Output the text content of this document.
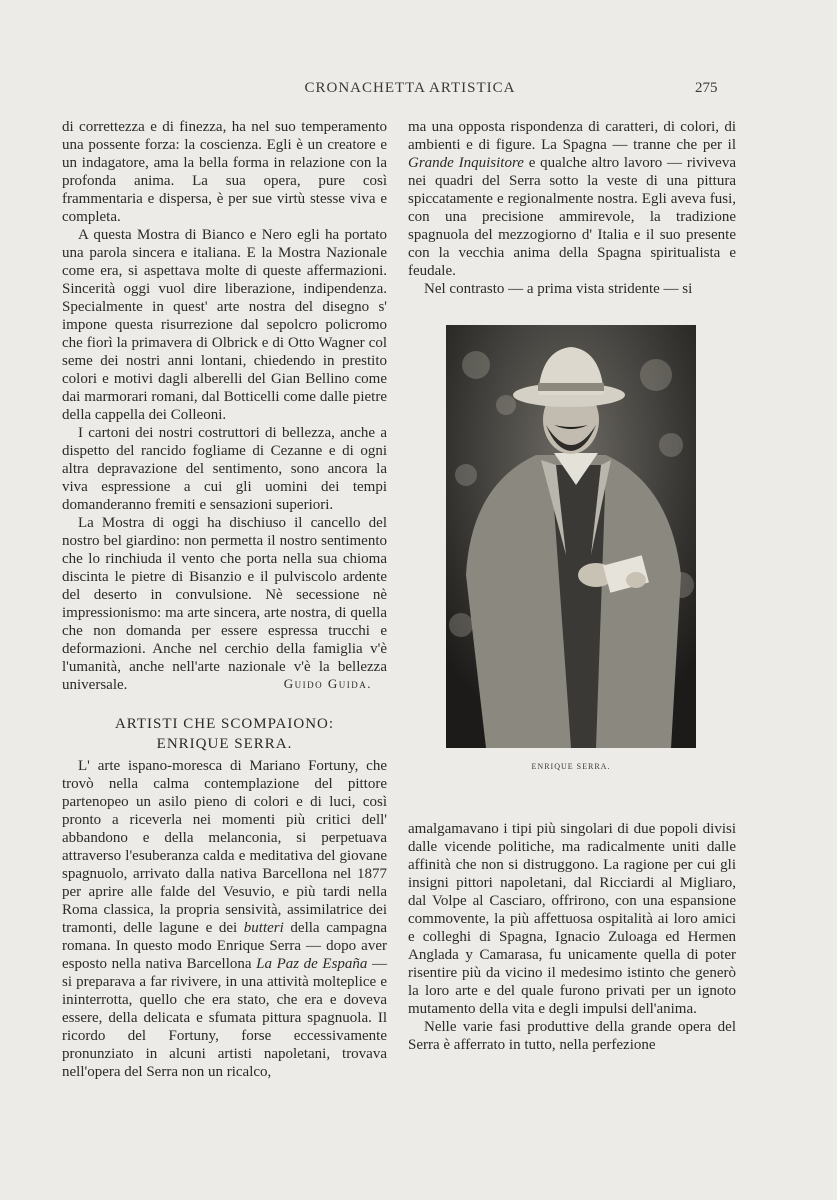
CRONACHETTA ARTISTICA	275

di correttezza e di finezza, ha nel suo temperamento una possente forza: la coscienza. Egli è un creatore e un indagatore, ama la bella forma in relazione con la profonda anima. La sua opera, pure così frammentaria e dispersa, è per sue virtù stesse viva e completa.

A questa Mostra di Bianco e Nero egli ha portato una parola sincera e italiana. E la Mostra Nazionale come era, si aspettava molte di queste affermazioni. Sincerità oggi vuol dire liberazione, indipendenza. Specialmente in quest' arte nostra del disegno s' impone questa risurrezione dal sepolcro policromo che fiorì la primavera di Olbrick e di Otto Wagner col seme dei nostri anni lontani, chiedendo in prestito colori e motivi dagli alberelli del Gian Bellino come dai marmorari romani, dal Botticelli come dalle pietre della cappella dei Colleoni.

I cartoni dei nostri costruttori di bellezza, anche a dispetto del rancido fogliame di Cezanne e di ogni altra depravazione del sentimento, sono ancora la viva espressione a cui gli uomini dei tempi domanderanno fremiti e sensazioni superiori.

La Mostra di oggi ha dischiuso il cancello del nostro bel giardino: non permetta il nostro sentimento che lo rinchiuda il vento che porta nella sua chioma discinta le pietre di Bisanzio e il pulviscolo ardente del deserto in convulsione. Nè secessione nè impressionismo: ma arte sincera, arte nostra, di quella che non domanda per essere espressa trucchi e deformazioni. Anche nel cerchio della famiglia v'è l'umanità, anche nell'arte nazionale v'è la bellezza universale.	Guido Guida.
ARTISTI CHE SCOMPAIONO:
ENRIQUE SERRA.

L' arte ispano-moresca di Mariano Fortuny, che trovò nella calma contemplazione del pittore partenopeo un asilo pieno di colori e di luci, così pronto a riceverla nei momenti più critici dell' abbandono e della melanconia, si perpetuava attraverso l'esuberanza calda e meditativa del giovane spagnuolo, arrivato dalla nativa Barcellona nel 1877 per aprire alle falde del Vesuvio, e più tardi nella Roma classica, la propria sensività, assimilatrice dei tramonti, delle lagune e dei butteri della campagna romana. In questo modo Enrique Serra — dopo aver esposto nella nativa Barcellona La Paz de España — si preparava a far rivivere, in una attività molteplice e ininterrotta, quello che era stato, che era e doveva essere, della delicata e sfumata pittura spagnuola. Il ricordo del Fortuny, forse eccessivamente pronunziato in alcuni artisti napoletani, trovava nell'opera del Serra non un ricalco,

ma una opposta rispondenza di caratteri, di colori, di ambienti e di figure. La Spagna — tranne che per il Grande Inquisitore e qualche altro lavoro — riviveva nei quadri del Serra sotto la veste di una pittura spiccatamente e regionalmente nostra. Egli aveva fusi, con una precisione ammirevole, la tradizione spagnuola del mezzogiorno d' Italia e il suo presente con la vecchia anima della Spagna spiritualista e feudale.

Nel contrasto — a prima vista stridente — si

ENRIQUE SERRA.

amalgamavano i tipi più singolari di due popoli divisi dalle vicende politiche, ma radicalmente uniti dalle affinità che non si distruggono. La ragione per cui gli insigni pittori napoletani, dal Ricciardi al Migliaro, dal Volpe al Casciaro, offrirono, con una espansione commovente, la più affettuosa ospitalità ai loro amici e colleghi di Spagna, Ignacio Zuloaga ed Hermen Anglada y Camarasa, fu unicamente quella di poter risentire più da vicino il medesimo istinto che generò la loro arte e del quale furono privati per un ignoto mutamento della vita e degli impulsi dell'anima.

Nelle varie fasi produttive della grande opera del Serra è afferrato in tutto, nella perfezione
